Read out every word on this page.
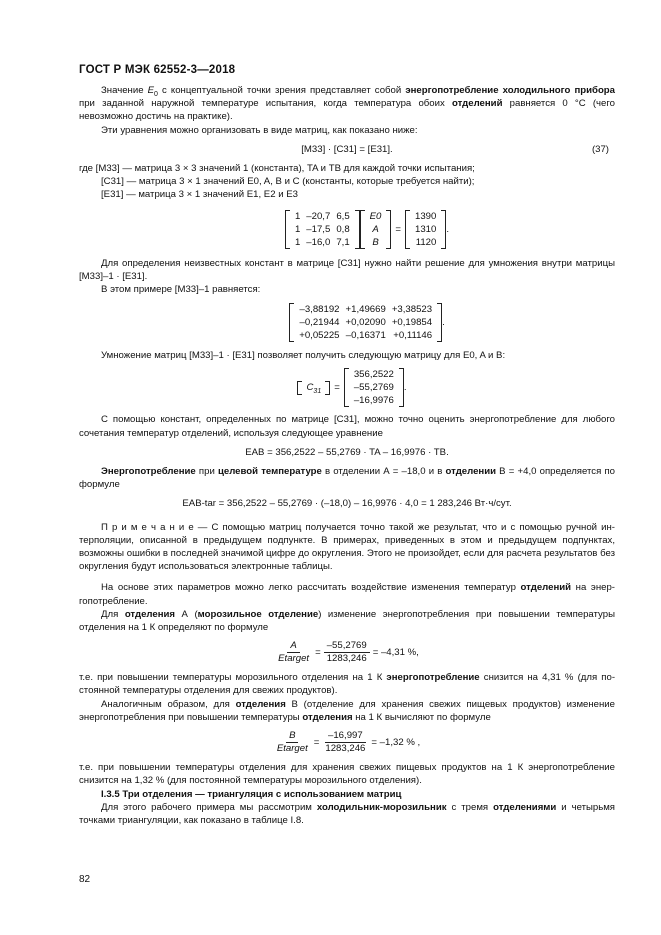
ГОСТ Р МЭК 62552-3—2018

Значение $E_0$ с концептуальной точки зрения представляет собой энергопотребление холодильного прибора при заданной наружной температуре испытания, когда температура обоих отделений равняется 0 °С (чего невозможно достичь на практике).

Эти уравнения можно организовать в виде матриц, как показано ниже:

[M33] · [C31] = [E31].	(37)

где [M33] — матрица 3 × 3 значений 1 (константа), TA и TB для каждой точки испытания;

[C31] — матрица 3 × 1 значений E0, A, B и C (константы, которые требуется найти);

[E31] — матрица 3 × 1 значений E1, E2 и E3

1	–20,7	6,5
1	–17,5	0,8
1	–16,0	7,1
E0
A
B
=
1390
1310
1120
.

Для определения неизвестных констант в матрице [C31] нужно найти решение для умножения внутри матрицы [M33]–1 · [E31].

В этом примере [M33]–1 равняется:

–3,88192	+1,49669	+3,38523
–0,21944	+0,02090	+0,19854
+0,05225	–0,16371	+0,11146
.

Умножение матриц [M33]–1 · [E31] позволяет получить следующую матрицу для E0, A и B:

$C_{31}$	=
356,2522
–55,2769
–16,9976
.

С помощью констант, определенных по матрице [C31], можно точно оценить энергопотребление для любого сочетания температур отделений, используя следующее уравнение

EAB = 356,2522 – 55,2769 · TA – 16,9976 · TB.

Энергопотребление при целевой температуре в отделении А = –18,0 и в отделении В = +4,0 определяется по формуле

EAB-tar = 356,2522 – 55,2769 · (–18,0) – 16,9976 · 4,0 = 1 283,246 Вт·ч/сут.

П р и м е ч а н и е — С помощью матриц получается точно такой же результат, что и с помощью ручной интерполяции, описанной в предыдущем подпункте. В примерах, приведенных в этом и предыдущем подпунктах, возможны ошибки в последней значимой цифре до округления. Этого не произойдет, если для расчета результатов без округления будут использоваться электронные таблицы.

На основе этих параметров можно легко рассчитать воздействие изменения температур отделений на энергопотребление.

Для отделения А (морозильное отделение) изменение энергопотребления при повышении температуры отделения на 1 К определяют по формуле

$\frac{A}{\text{Etarget}} = \frac{-55,2769}{1283,246} = -4,31$ %,

т.е. при повышении температуры морозильного отделения на 1 К энергопотребление снизится на 4,31 % (для постоянной температуры отделения для свежих продуктов).

Аналогичным образом, для отделения В (отделение для хранения свежих пищевых продуктов) изменение энергопотребления при повышении температуры отделения на 1 К вычисляют по формуле

$\frac{B}{\text{Etarget}} = \frac{-16,997}{1283,246} = -1,32$ % ,

т.е. при повышении температуры отделения для хранения свежих пищевых продуктов на 1 К энергопотребление снизится на 1,32 % (для постоянной температуры морозильного отделения).

I.3.5 Три отделения — триангуляция с использованием матриц

Для этого рабочего примера мы рассмотрим холодильник-морозильник с тремя отделениями и четырьмя точками триангуляции, как показано в таблице I.8.

82
